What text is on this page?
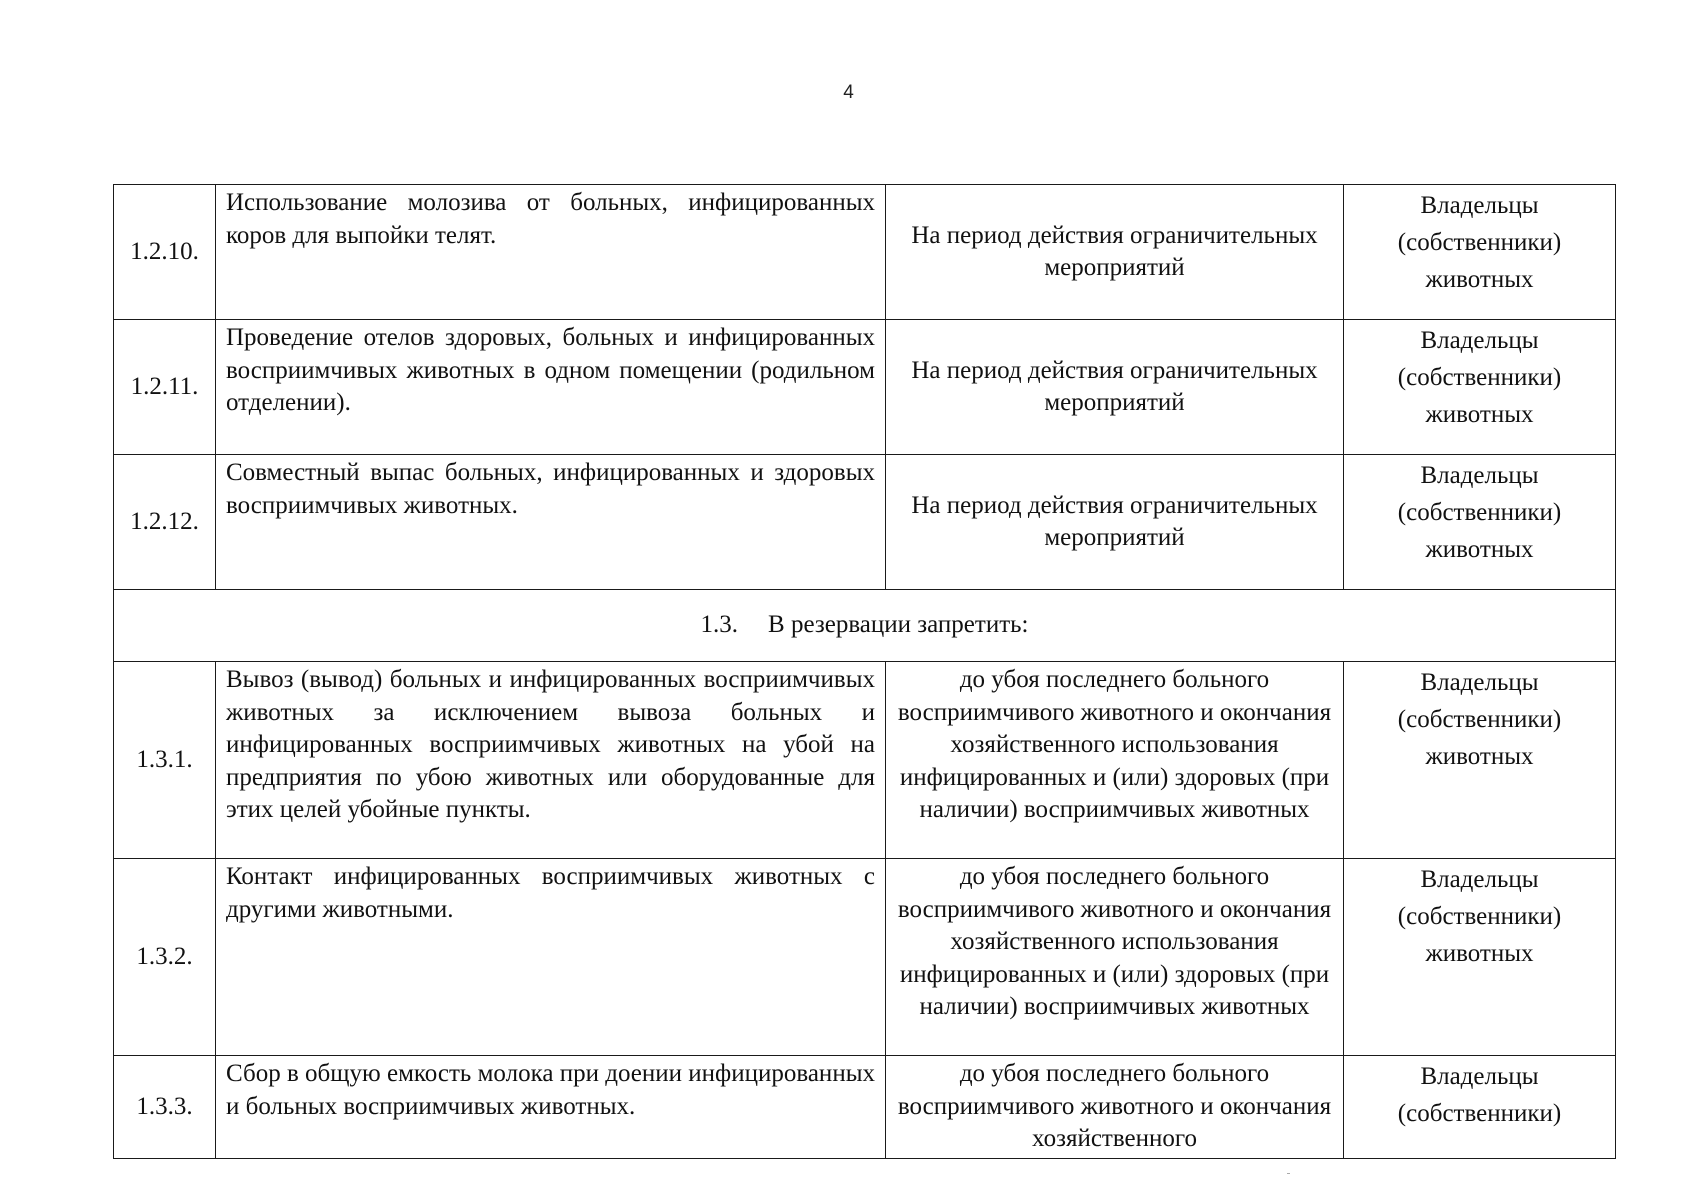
4
1.2.10.	Использование молозива от больных, инфицированных коров для выпойки телят.	На период действия ограничительных мероприятий	Владельцы (собственники) животных
1.2.11.	Проведение отелов здоровых, больных и инфицированных восприимчивых животных в одном помещении (родильном отделении).	На период действия ограничительных мероприятий	Владельцы (собственники) животных
1.2.12.	Совместный выпас больных, инфицированных и здоровых восприимчивых животных.	На период действия ограничительных мероприятий	Владельцы (собственники) животных
1.3. В резервации запретить:			
1.3.1.	Вывоз (вывод) больных и инфицированных восприимчивых животных за исключением вывоза больных и инфицированных восприимчивых животных на убой на предприятия по убою животных или оборудованные для этих целей убойные пункты.	до убоя последнего больного восприимчивого животного и окончания хозяйственного использования инфицированных и (или) здоровых (при наличии) восприимчивых животных	Владельцы (собственники) животных
1.3.2.	Контакт инфицированных восприимчивых животных с другими животными.	до убоя последнего больного восприимчивого животного и окончания хозяйственного использования инфицированных и (или) здоровых (при наличии) восприимчивых животных	Владельцы (собственники) животных
1.3.3.	Сбор в общую емкость молока при доении инфицированных и больных восприимчивых животных.	до убоя последнего больного восприимчивого животного и окончания хозяйственного	Владельцы (собственники)
